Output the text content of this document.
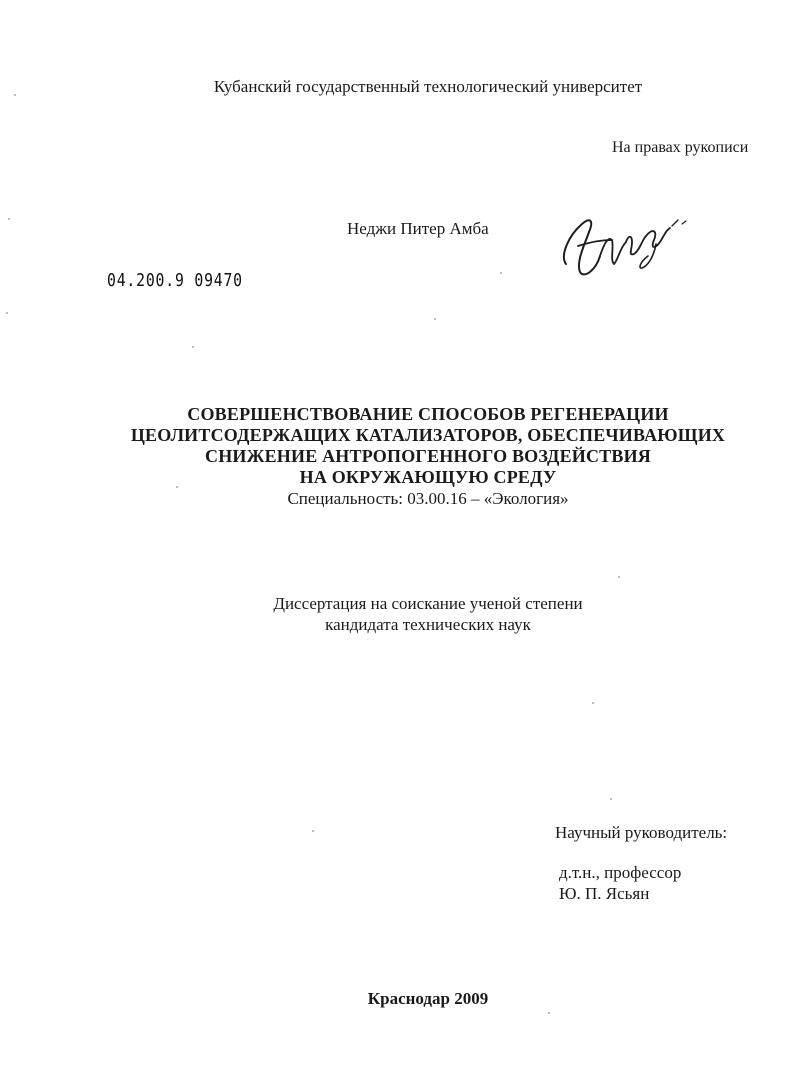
Кубанский государственный технологический университет
На правах рукописи
Неджи Питер Амба
04.200.9 09470
СОВЕРШЕНСТВОВАНИЕ СПОСОБОВ РЕГЕНЕРАЦИИ
ЦЕОЛИТСОДЕРЖАЩИХ КАТАЛИЗАТОРОВ, ОБЕСПЕЧИВАЮЩИХ
СНИЖЕНИЕ АНТРОПОГЕННОГО ВОЗДЕЙСТВИЯ
НА ОКРУЖАЮЩУЮ СРЕДУ
Специальность: 03.00.16 – «Экология»
Диссертация на соискание ученой степени
кандидата технических наук
Научный руководитель:
д.т.н., профессор
Ю. П. Ясьян
Краснодар 2009
